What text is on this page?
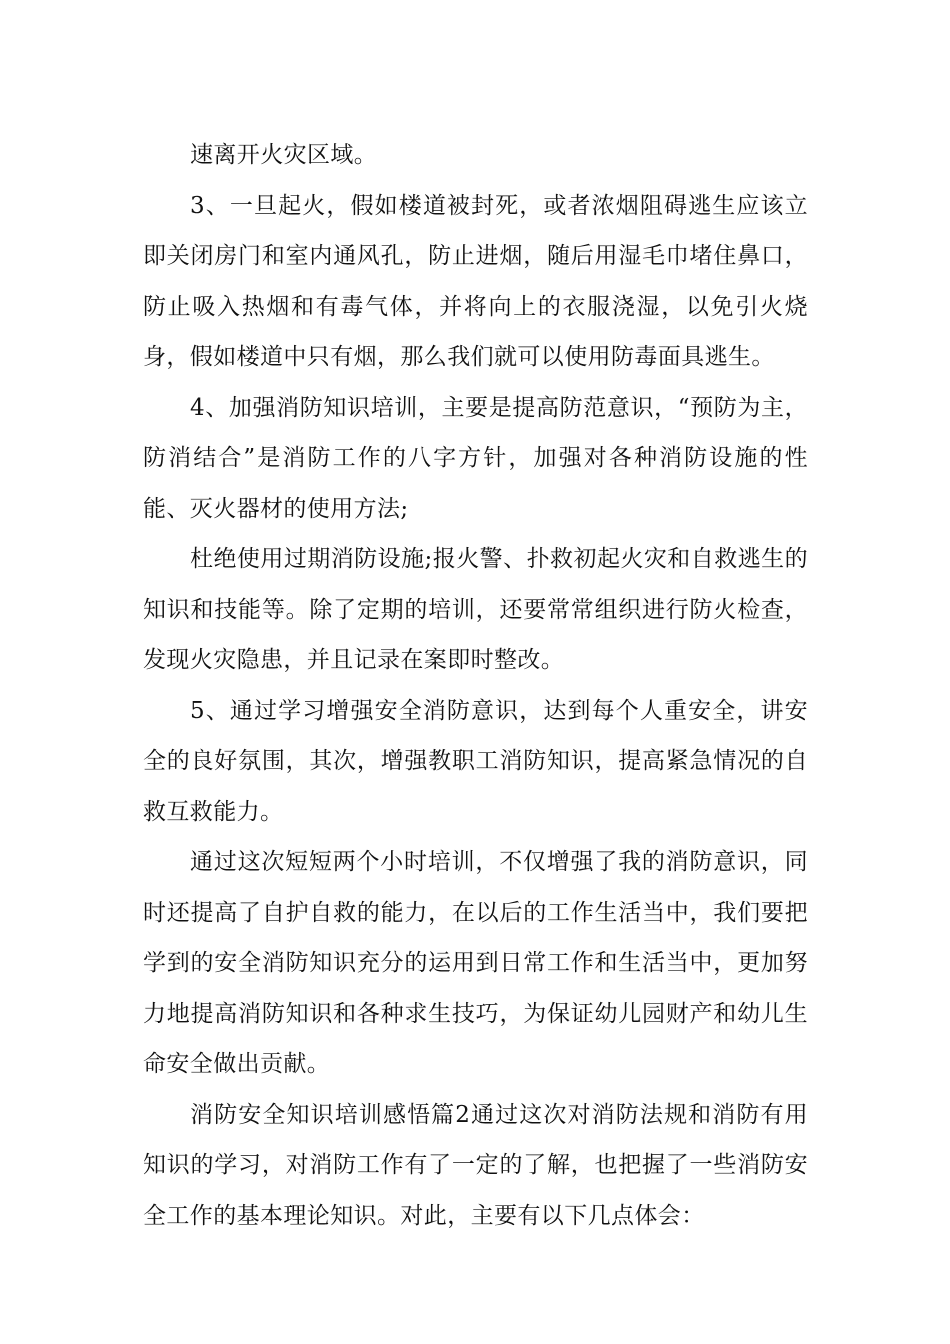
速离开火灾区域。

3、一旦起火，假如楼道被封死，或者浓烟阻碍逃生应该立即关闭房门和室内通风孔，防止进烟，随后用湿毛巾堵住鼻口，防止吸入热烟和有毒气体，并将向上的衣服浇湿，以免引火烧身，假如楼道中只有烟，那么我们就可以使用防毒面具逃生。

4、加强消防知识培训，主要是提高防范意识，“预防为主，防消结合”是消防工作的八字方针，加强对各种消防设施的性能、灭火器材的使用方法;

杜绝使用过期消防设施;报火警、扑救初起火灾和自救逃生的知识和技能等。除了定期的培训，还要常常组织进行防火检查，发现火灾隐患，并且记录在案即时整改。

5、通过学习增强安全消防意识，达到每个人重安全，讲安全的良好氛围，其次，增强教职工消防知识，提高紧急情况的自救互救能力。

通过这次短短两个小时培训，不仅增强了我的消防意识，同时还提高了自护自救的能力，在以后的工作生活当中，我们要把学到的安全消防知识充分的运用到日常工作和生活当中，更加努力地提高消防知识和各种求生技巧，为保证幼儿园财产和幼儿生命安全做出贡献。

消防安全知识培训感悟篇2通过这次对消防法规和消防有用知识的学习，对消防工作有了一定的了解，也把握了一些消防安全工作的基本理论知识。对此，主要有以下几点体会：
